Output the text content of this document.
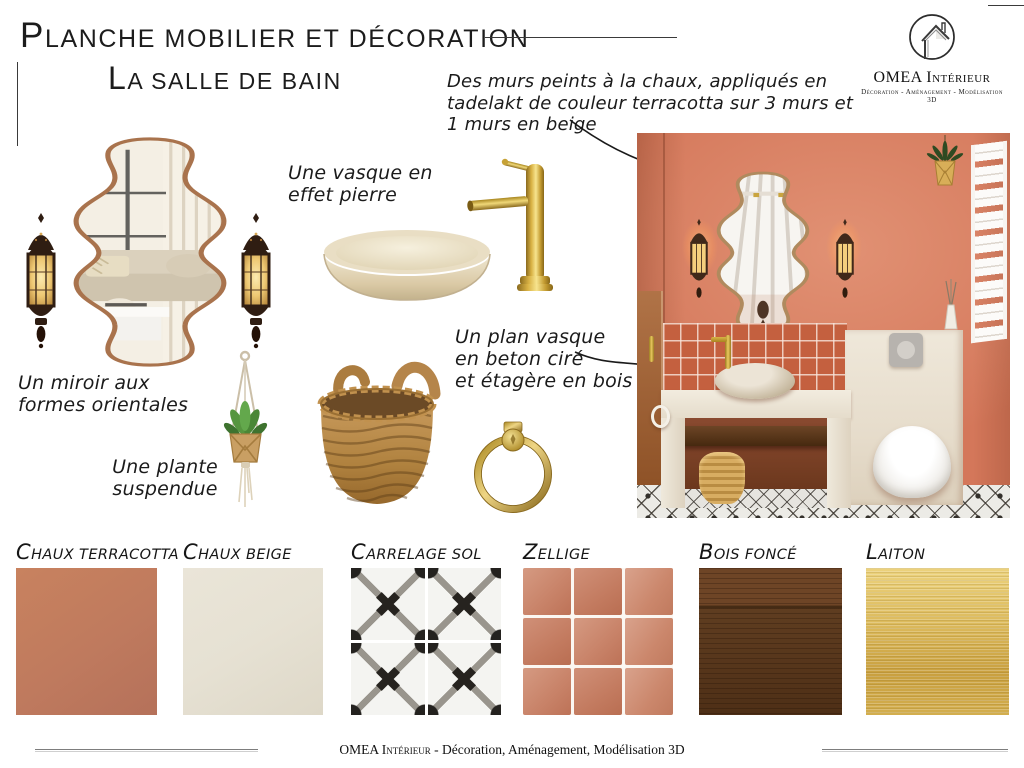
PLANCHE MOBILIER ET DÉCORATION
LA SALLE DE BAIN	OMEA Intérieur
Décoration - Aménagement - Modélisation 3D
Des murs peints à la chaux, appliqués en
tadelakt de couleur terracotta sur 3 murs et
1 murs en beige
Une vasque en
effet pierre
Un miroir aux
formes orientales
Une plante
suspendue
Un plan vasque
en beton ciré
et étagère en bois
CHAUX TERRACOTTA CHAUX BEIGE	CARRELAGE SOL	ZELLIGE	BOIS FONCÉ	LAITON
OMEA Intérieur - Décoration, Aménagement, Modélisation 3D
